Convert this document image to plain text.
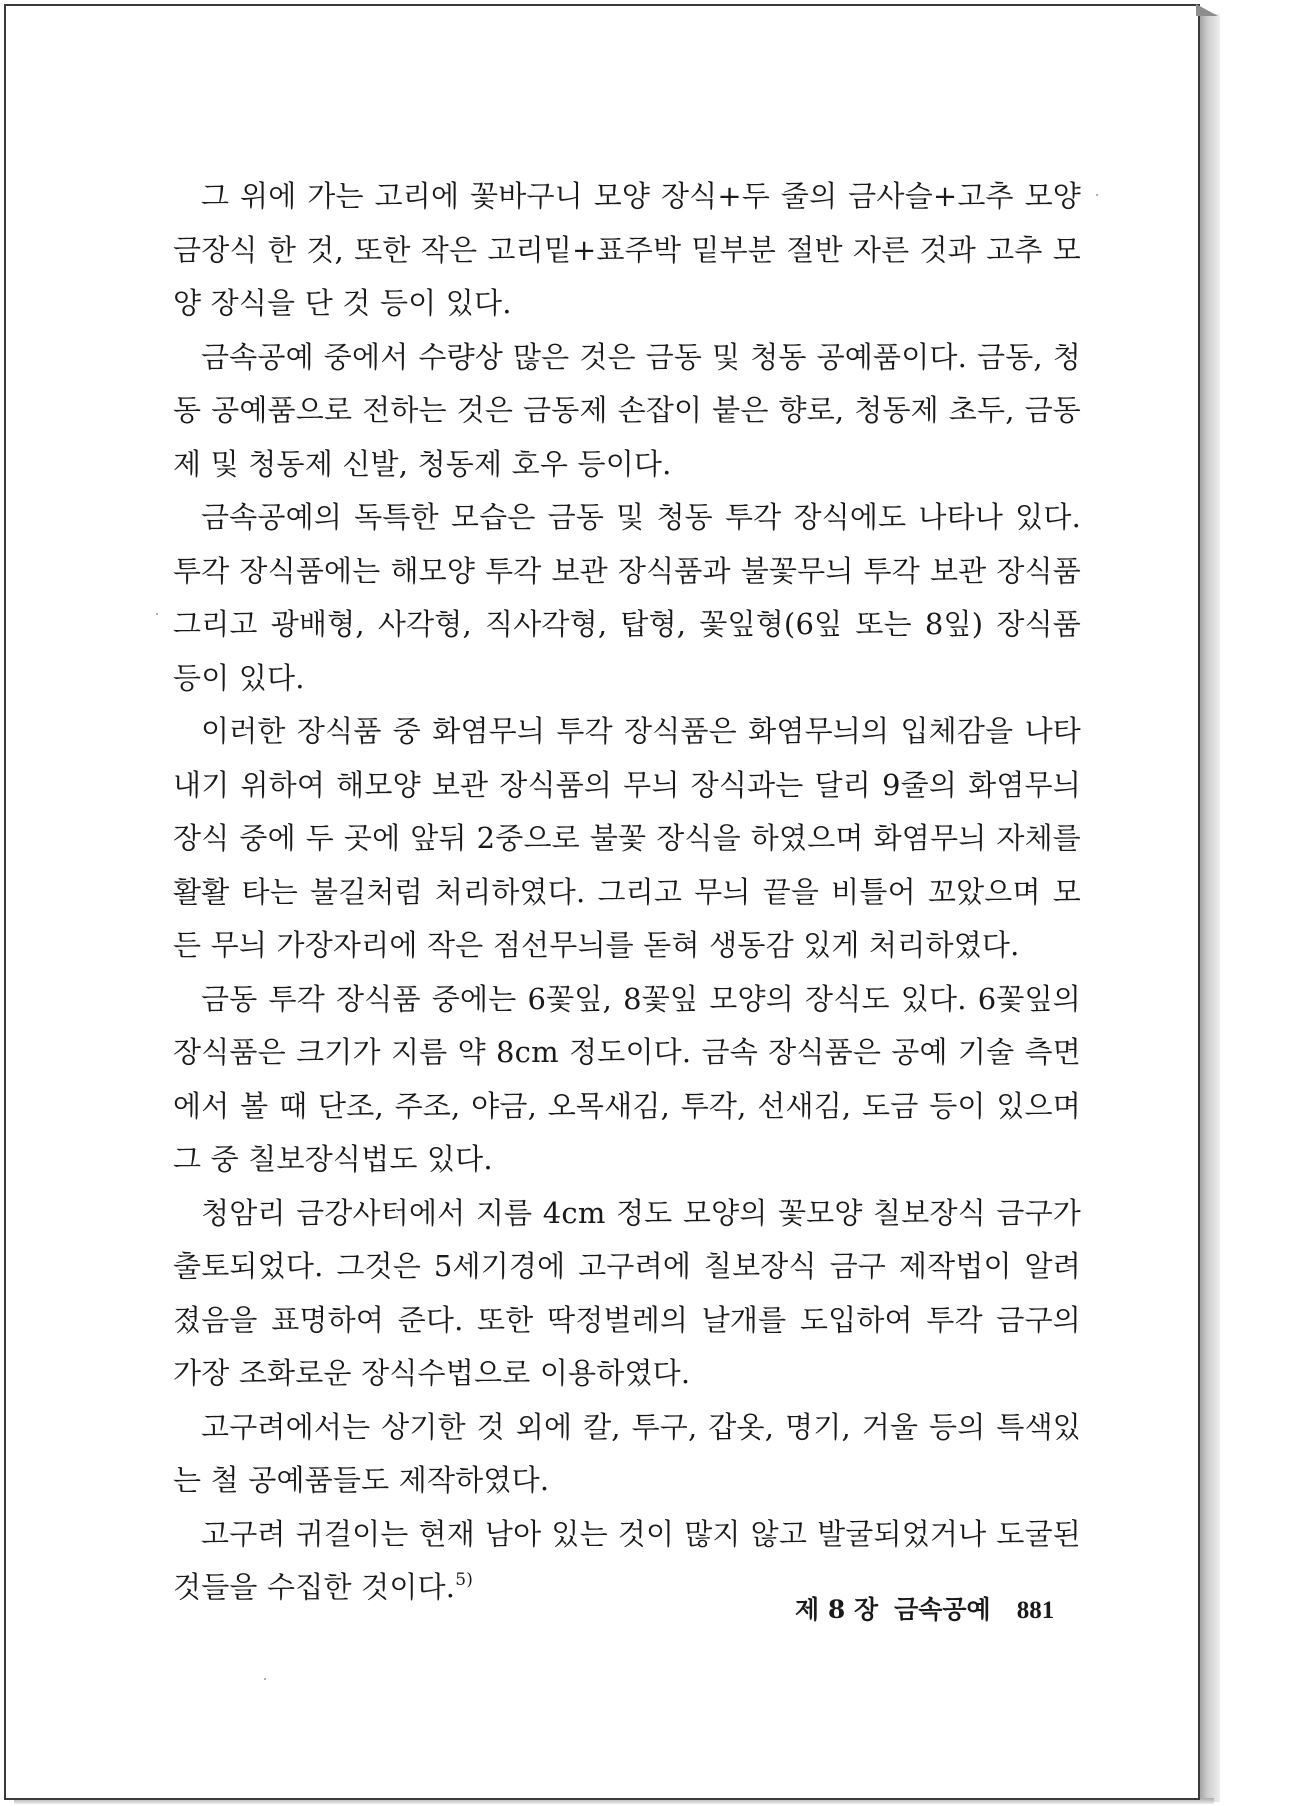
그 위에 가는 고리에 꽃바구니 모양 장식+두 줄의 금사슬+고추 모양 금장식 한 것, 또한 작은 고리밑+표주박 밑부분 절반 자른 것과 고추 모양 장식을 단 것 등이 있다.

금속공예 중에서 수량상 많은 것은 금동 및 청동 공예품이다. 금동, 청동 공예품으로 전하는 것은 금동제 손잡이 붙은 향로, 청동제 초두, 금동제 및 청동제 신발, 청동제 호우 등이다.

금속공예의 독특한 모습은 금동 및 청동 투각 장식에도 나타나 있다. 투각 장식품에는 해모양 투각 보관 장식품과 불꽃무늬 투각 보관 장식품 그리고 광배형, 사각형, 직사각형, 탑형, 꽃잎형(6잎 또는 8잎) 장식품 등이 있다.

이러한 장식품 중 화염무늬 투각 장식품은 화염무늬의 입체감을 나타내기 위하여 해모양 보관 장식품의 무늬 장식과는 달리 9줄의 화염무늬 장식 중에 두 곳에 앞뒤 2중으로 불꽃 장식을 하였으며 화염무늬 자체를 활활 타는 불길처럼 처리하였다. 그리고 무늬 끝을 비틀어 꼬았으며 모든 무늬 가장자리에 작은 점선무늬를 돋혀 생동감 있게 처리하였다.

금동 투각 장식품 중에는 6꽃잎, 8꽃잎 모양의 장식도 있다. 6꽃잎의 장식품은 크기가 지름 약 8cm 정도이다. 금속 장식품은 공예 기술 측면에서 볼 때 단조, 주조, 야금, 오목새김, 투각, 선새김, 도금 등이 있으며 그 중 칠보장식법도 있다.

청암리 금강사터에서 지름 4cm 정도 모양의 꽃모양 칠보장식 금구가 출토되었다. 그것은 5세기경에 고구려에 칠보장식 금구 제작법이 알려졌음을 표명하여 준다. 또한 딱정벌레의 날개를 도입하여 투각 금구의 가장 조화로운 장식수법으로 이용하였다.

고구려에서는 상기한 것 외에 칼, 투구, 갑옷, 명기, 거울 등의 특색있는 철 공예품들도 제작하였다.

고구려 귀걸이는 현재 남아 있는 것이 많지 않고 발굴되었거나 도굴된 것들을 수집한 것이다.$^{5)}$

제 8 장 금속공예 881
